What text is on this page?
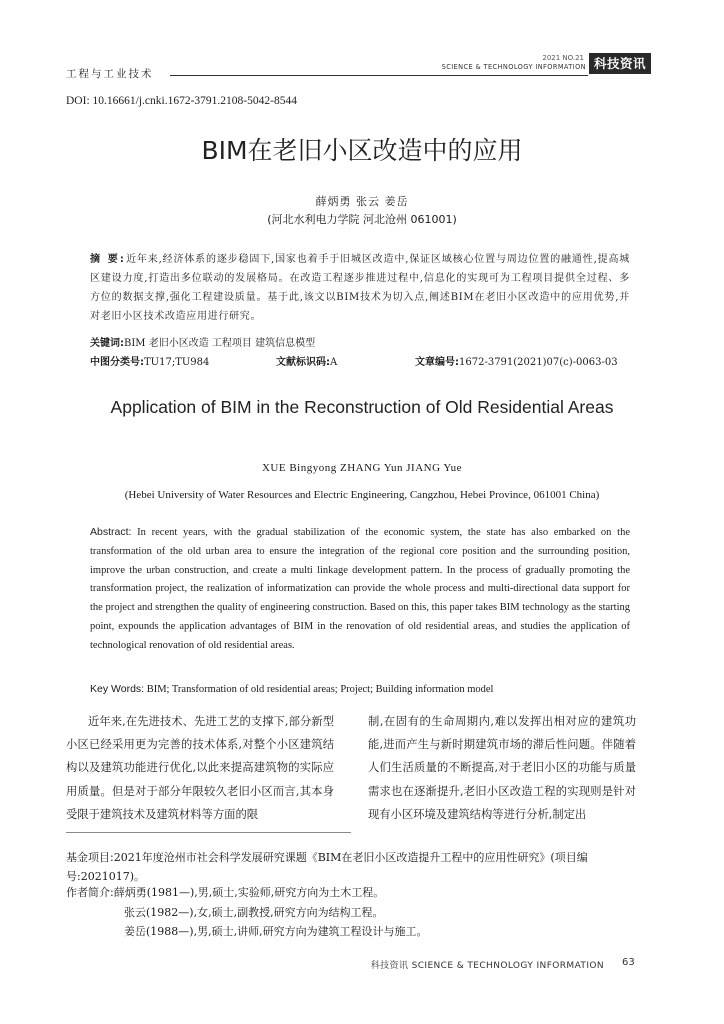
工程与工业技术
2021 NO.21
SCIENCE & TECHNOLOGY INFORMATION 科技资讯
DOI: 10.16661/j.cnki.1672-3791.2108-5042-8544
BIM在老旧小区改造中的应用
薛炳勇 张云 姜岳
(河北水利电力学院 河北沧州 061001)
摘 要:近年来,经济体系的逐步稳固下,国家也着手于旧城区改造中,保证区域核心位置与周边位置的融通性,提高城区建设力度,打造出多位联动的发展格局。在改造工程逐步推进过程中,信息化的实现可为工程项目提供全过程、多方位的数据支撑,强化工程建设质量。基于此,该文以BIM技术为切入点,阐述BIM在老旧小区改造中的应用优势,并对老旧小区技术改造应用进行研究。
关键词:BIM 老旧小区改造 工程项目 建筑信息模型
中图分类号:TU17;TU984	文献标识码:A	文章编号:1672-3791(2021)07(c)-0063-03
Application of BIM in the Reconstruction of Old Residential Areas
XUE Bingyong ZHANG Yun JIANG Yue
(Hebei University of Water Resources and Electric Engineering, Cangzhou, Hebei Province, 061001 China)
Abstract: In recent years, with the gradual stabilization of the economic system, the state has also embarked on the transformation of the old urban area to ensure the integration of the regional core position and the surrounding position, improve the urban construction, and create a multi linkage development pattern. In the process of gradually promoting the transformation project, the realization of informatization can provide the whole process and multi-directional data support for the project and strengthen the quality of engineering construction. Based on this, this paper takes BIM technology as the starting point, expounds the application advantages of BIM in the renovation of old residential areas, and studies the application of technological renovation of old residential areas.
Key Words: BIM; Transformation of old residential areas; Project; Building information model
近年来,在先进技术、先进工艺的支撑下,部分新型小区已经采用更为完善的技术体系,对整个小区建筑结构以及建筑功能进行优化,以此来提高建筑物的实际应用质量。但是对于部分年限较久老旧小区而言,其本身受限于建筑技术及建筑材料等方面的限
制,在固有的生命周期内,难以发挥出相对应的建筑功能,进而产生与新时期建筑市场的滞后性问题。伴随着人们生活质量的不断提高,对于老旧小区的功能与质量需求也在逐渐提升,老旧小区改造工程的实现则是针对现有小区环境及建筑结构等进行分析,制定出
基金项目:2021年度沧州市社会科学发展研究课题《BIM在老旧小区改造提升工程中的应用性研究》(项目编号:2021017)。
作者简介:薛炳勇(1981—),男,硕士,实验师,研究方向为土木工程。
张云(1982—),女,硕士,副教授,研究方向为结构工程。
姜岳(1988—),男,硕士,讲师,研究方向为建筑工程设计与施工。
科技资讯 SCIENCE & TECHNOLOGY INFORMATION 63
